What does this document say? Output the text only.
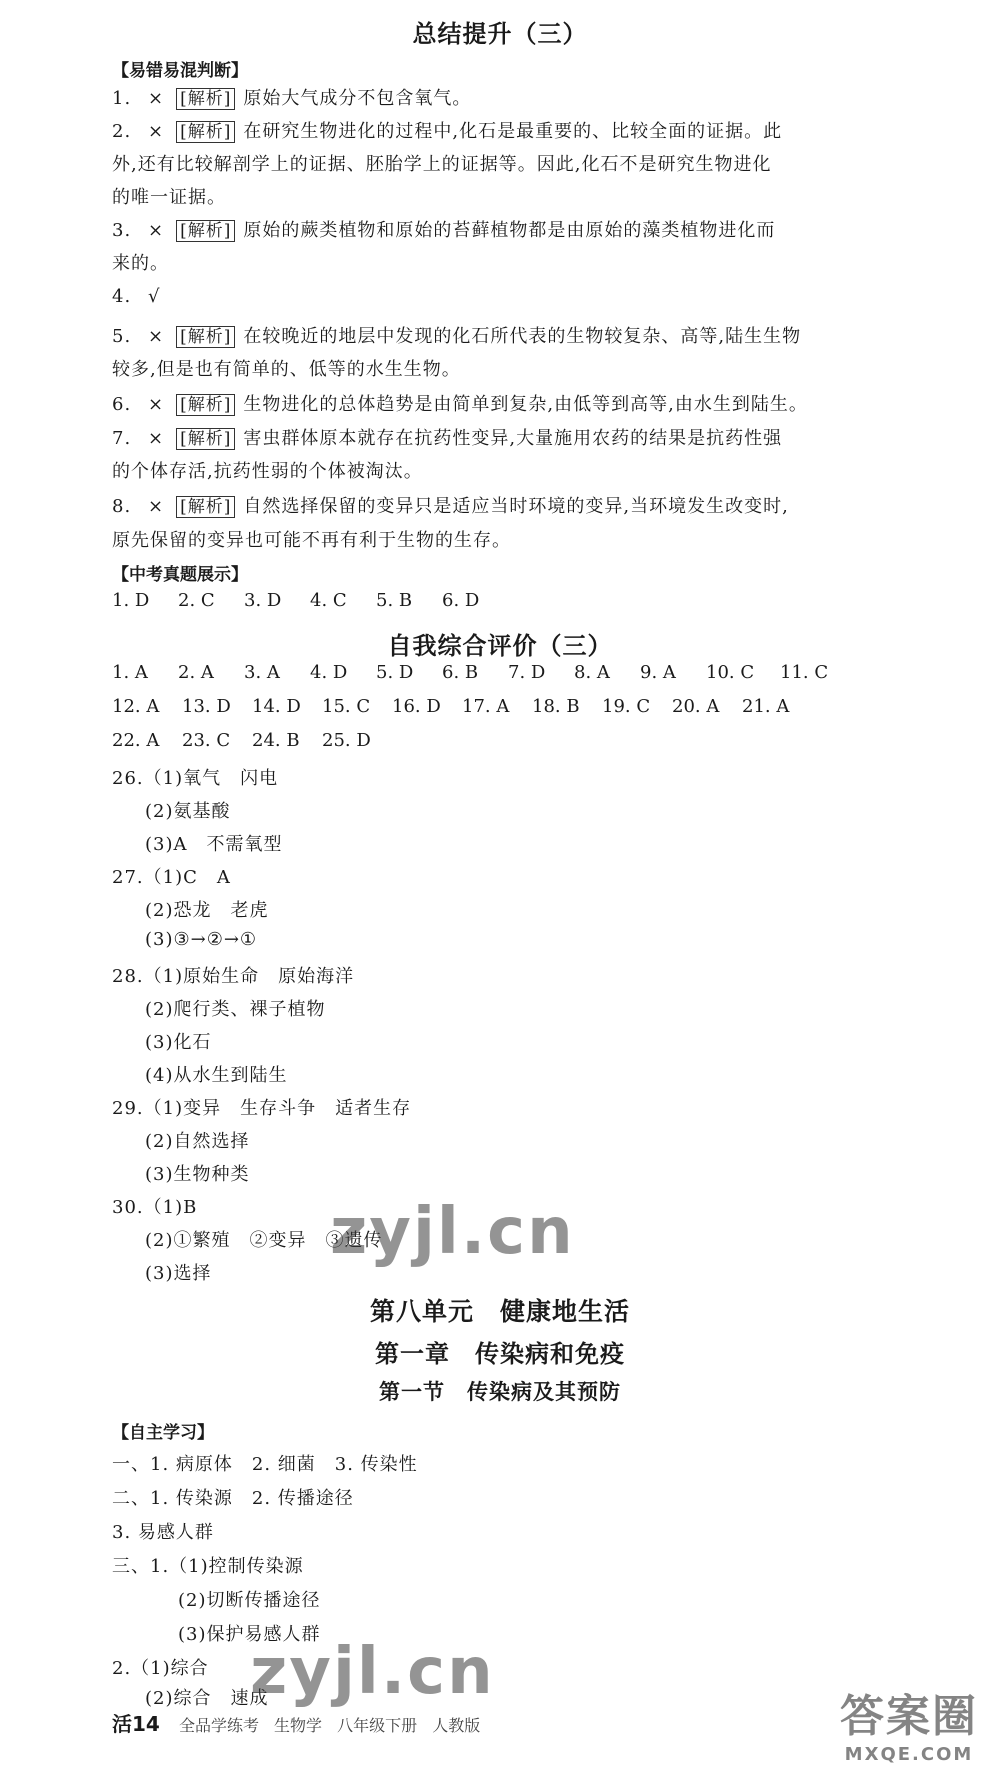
总结提升（三）
【易错易混判断】
1. × [解析] 原始大气成分不包含氧气。
2. × [解析] 在研究生物进化的过程中,化石是最重要的、比较全面的证据。此
外,还有比较解剖学上的证据、胚胎学上的证据等。因此,化石不是研究生物进化
的唯一证据。
3. × [解析] 原始的蕨类植物和原始的苔藓植物都是由原始的藻类植物进化而
来的。
4. √
5. × [解析] 在较晚近的地层中发现的化石所代表的生物较复杂、高等,陆生生物
较多,但是也有简单的、低等的水生生物。
6. × [解析] 生物进化的总体趋势是由简单到复杂,由低等到高等,由水生到陆生。
7. × [解析] 害虫群体原本就存在抗药性变异,大量施用农药的结果是抗药性强
的个体存活,抗药性弱的个体被淘汰。
8. × [解析] 自然选择保留的变异只是适应当时环境的变异,当环境发生改变时,
原先保留的变异也可能不再有利于生物的生存。
【中考真题展示】
1. D 2. C 3. D 4. C 5. B 6. D
自我综合评价（三）
1. A 2. A 3. A 4. D 5. D 6. B 7. D 8. A 9. A 10. C 11. C
12. A 13. D 14. D 15. C 16. D 17. A 18. B 19. C 20. A 21. A
22. A 23. C 24. B 25. D
26.（1)氧气　闪电
(2)氨基酸
(3)A　不需氧型
27.（1)C　A
(2)恐龙　老虎
(3)③→②→①
28.（1)原始生命　原始海洋
(2)爬行类、裸子植物
(3)化石
(4)从水生到陆生
29.（1)变异　生存斗争　适者生存
(2)自然选择
(3)生物种类
30.（1)B
(2)①繁殖　②变异　③遗传
(3)选择
zyjl.cn
第八单元　健康地生活
第一章　传染病和免疫
第一节　传染病及其预防
【自主学习】
一、1. 病原体　2. 细菌　3. 传染性
二、1. 传染源　2. 传播途径
3. 易感人群
三、1.（1)控制传染源
(2)切断传播途径
(3)保护易感人群
2.（1)综合
(2)综合　速成
zyjl.cn
活14 全品学练考 生物学 八年级下册 人教版	答案圈
MXQE.COM
